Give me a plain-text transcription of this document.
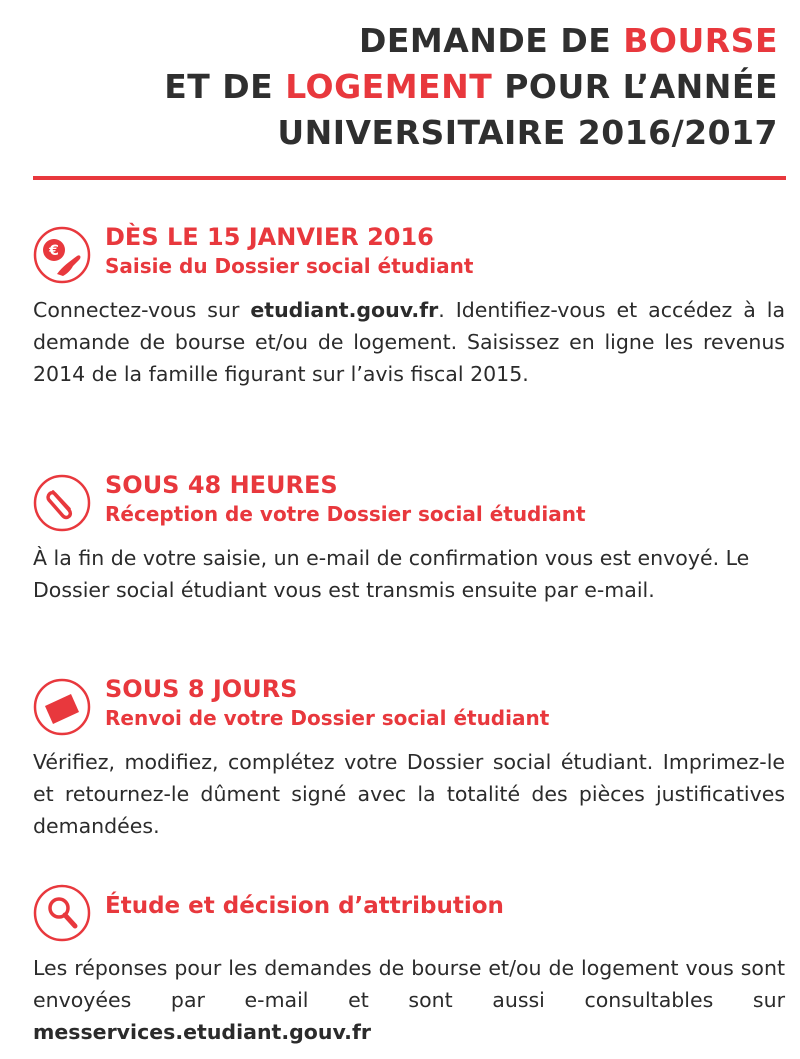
DEMANDE DE BOURSE
ET DE LOGEMENT POUR L’ANNÉE
UNIVERSITAIRE 2016/2017
€ DÈS LE 15 JANVIER 2016
Saisie du Dossier social étudiant
Connectez-vous sur etudiant.gouv.fr. Identifiez-vous et accédez à la demande de bourse et/ou de logement. Saisissez en ligne les revenus 2014 de la famille figurant sur l’avis fiscal 2015.
SOUS 48 HEURES
Réception de votre Dossier social étudiant
À la fin de votre saisie, un e-mail de confirmation vous est envoyé. Le Dossier social étudiant vous est transmis ensuite par e-mail.
SOUS 8 JOURS
Renvoi de votre Dossier social étudiant
Vérifiez, modifiez, complétez votre Dossier social étudiant. Imprimez-le et retournez-le dûment signé avec la totalité des pièces justificatives demandées.
Étude et décision d’attribution
Les réponses pour les demandes de bourse et/ou de logement vous sont envoyées par e-mail et sont aussi consultables sur messervices.etudiant.gouv.fr
